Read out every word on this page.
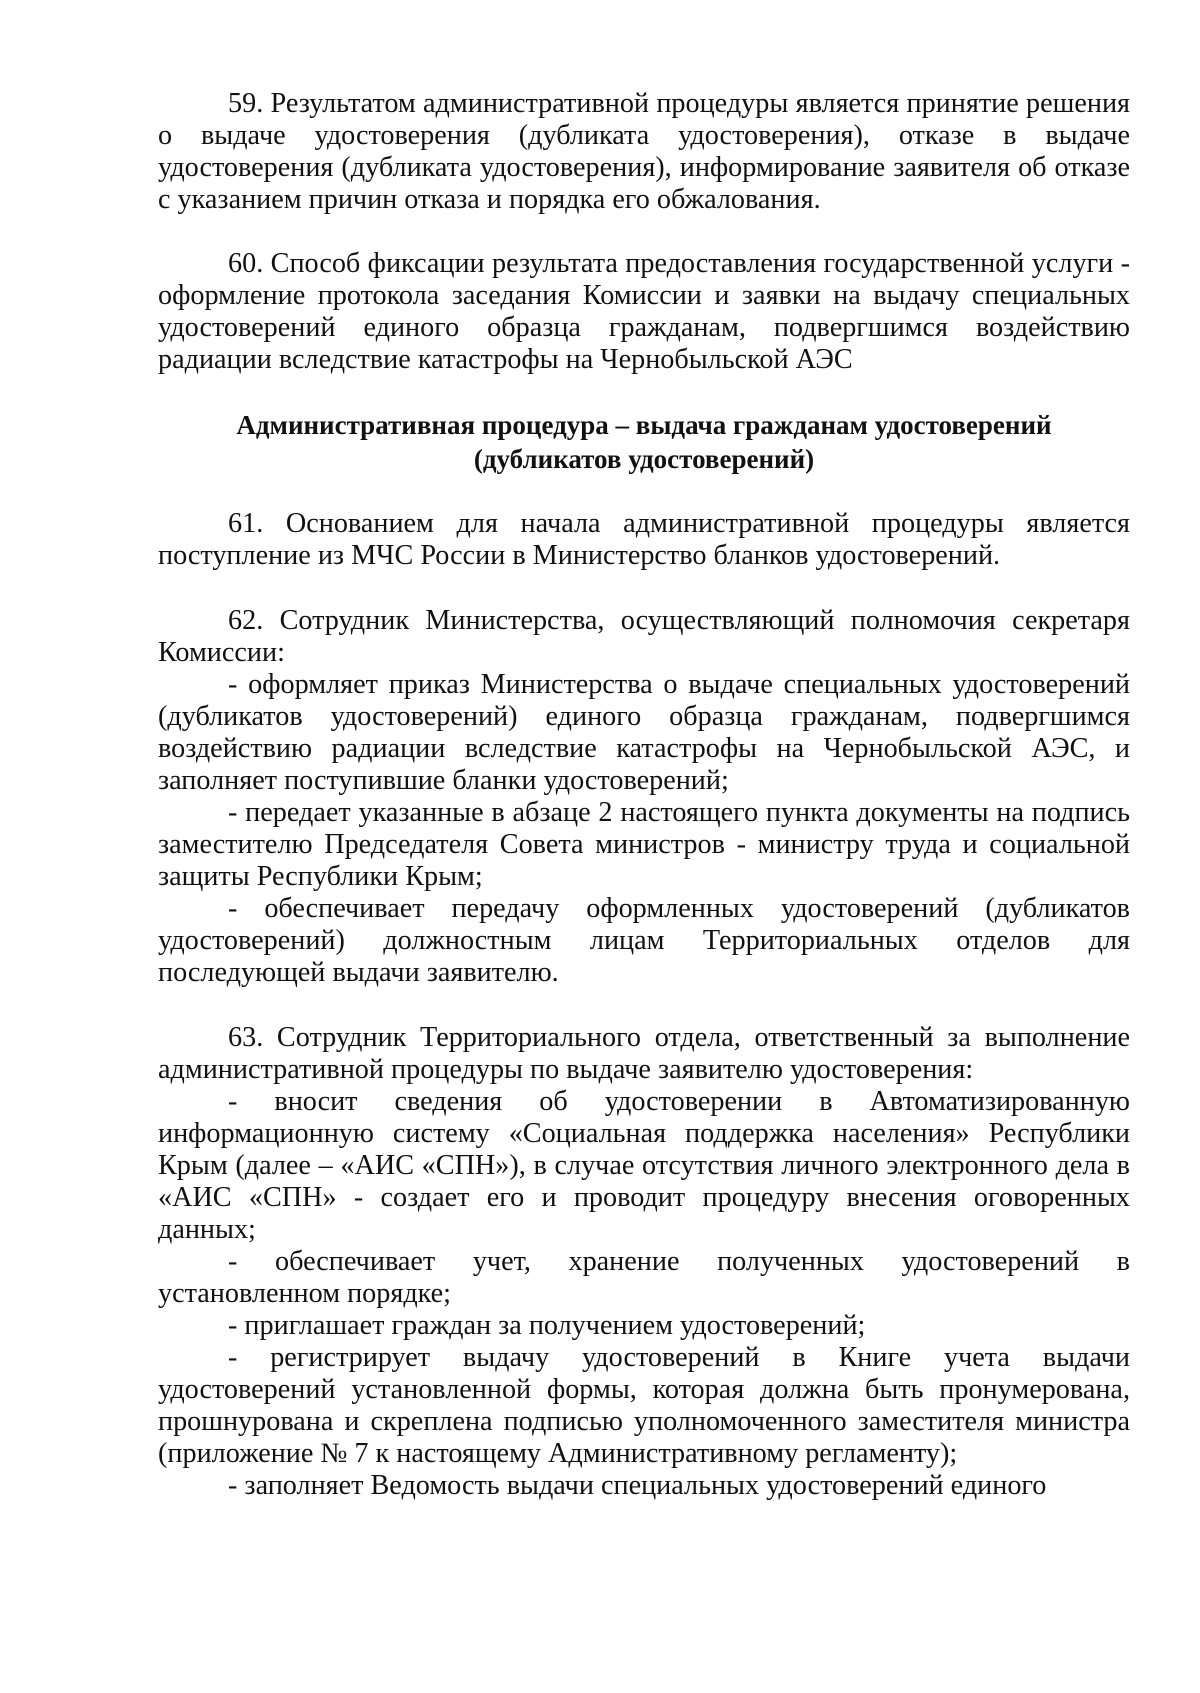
59. Результатом административной процедуры является принятие решения о выдаче удостоверения (дубликата удостоверения), отказе в выдаче удостоверения (дубликата удостоверения), информирование заявителя об отказе с указанием причин отказа и порядка его обжалования.

60. Способ фиксации результата предоставления государственной услуги - оформление протокола заседания Комиссии и заявки на выдачу специальных удостоверений единого образца гражданам, подвергшимся воздействию радиации вследствие катастрофы на Чернобыльской АЭС

Административная процедура – выдача гражданам удостоверений
(дубликатов удостоверений)

61. Основанием для начала административной процедуры является поступление из МЧС России в Министерство бланков удостоверений.

62. Сотрудник Министерства, осуществляющий полномочия секретаря Комиссии:

- оформляет приказ Министерства о выдаче специальных удостоверений (дубликатов удостоверений) единого образца гражданам, подвергшимся воздействию радиации вследствие катастрофы на Чернобыльской АЭС, и заполняет поступившие бланки удостоверений;

- передает указанные в абзаце 2 настоящего пункта документы на подпись заместителю Председателя Совета министров - министру труда и социальной защиты Республики Крым;

- обеспечивает передачу оформленных удостоверений (дубликатов удостоверений) должностным лицам Территориальных отделов для последующей выдачи заявителю.

63. Сотрудник Территориального отдела, ответственный за выполнение административной процедуры по выдаче заявителю удостоверения:

- вносит сведения об удостоверении в Автоматизированную информационную систему «Социальная поддержка населения» Республики Крым (далее – «АИС «СПН»), в случае отсутствия личного электронного дела в «АИС «СПН» - создает его и проводит процедуру внесения оговоренных данных;

- обеспечивает учет, хранение полученных удостоверений в установленном порядке;

- приглашает граждан за получением удостоверений;

- регистрирует выдачу удостоверений в Книге учета выдачи удостоверений установленной формы, которая должна быть пронумерована, прошнурована и скреплена подписью уполномоченного заместителя министра (приложение № 7 к настоящему Административному регламенту);

- заполняет Ведомость выдачи специальных удостоверений единого
